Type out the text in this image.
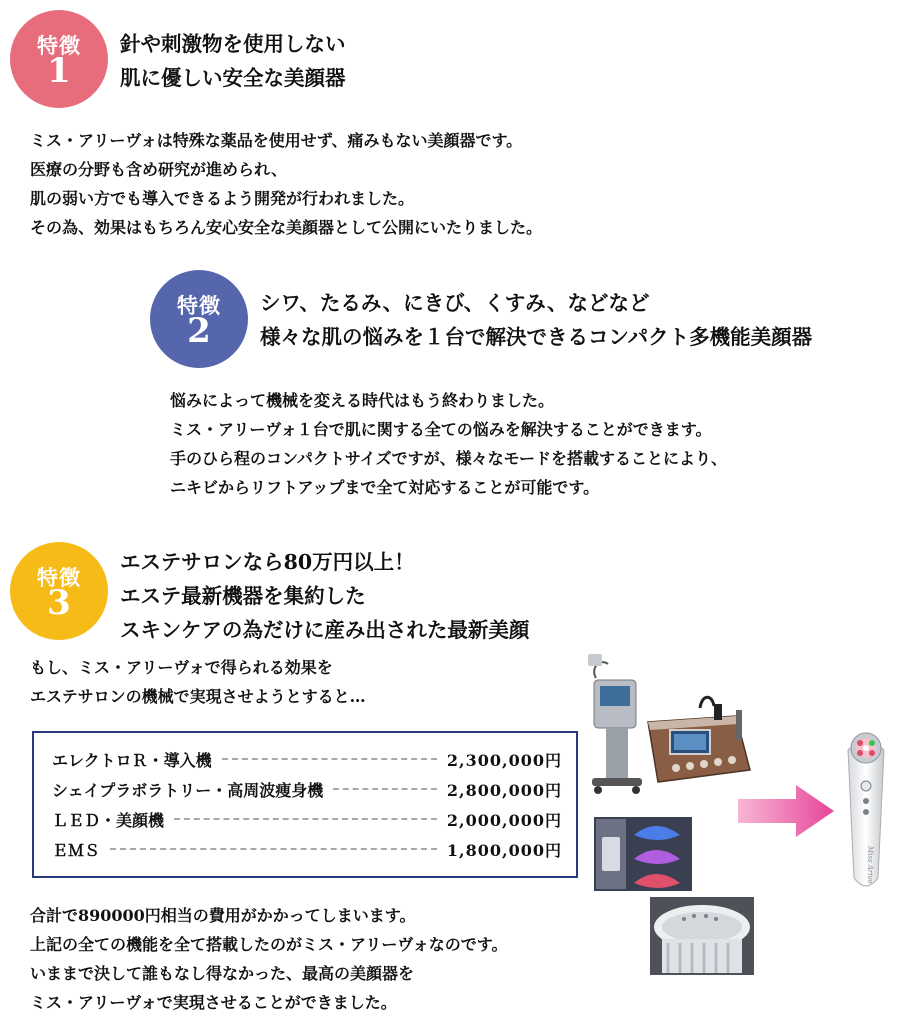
特徴
1
針や刺激物を使用しない
肌に優しい安全な美顔器
ミス・アリーヴォは特殊な薬品を使用せず、痛みもない美顔器です。
医療の分野も含め研究が進められ、
肌の弱い方でも導入できるよう開発が行われました。
その為、効果はもちろん安心安全な美顔器として公開にいたりました。
特徴
2
シワ、たるみ、にきび、くすみ、などなど
様々な肌の悩みを１台で解決できるコンパクト多機能美顔器
悩みによって機械を変える時代はもう終わりました。
ミス・アリーヴォ１台で肌に関する全ての悩みを解決することができます。
手のひら程のコンパクトサイズですが、様々なモードを搭載することにより、
ニキビからリフトアップまで全て対応することが可能です。
特徴
3
エステサロンなら80万円以上！
エステ最新機器を集約した
スキンケアの為だけに産み出された最新美顔
もし、ミス・アリーヴォで得られる効果を
エステサロンの機械で実現させようとすると…
エレクトロＲ・導入機	2,300,000円
シェイプラボラトリー・高周波痩身機	2,800,000円
ＬＥＤ・美顔機	2,000,000円
ＥＭＳ	1,800,000円
合計で890000円相当の費用がかかってしまいます。
上記の全ての機能を全て搭載したのがミス・アリーヴォなのです。
いままで決して誰もなし得なかった、最高の美顔器を
ミス・アリーヴォで実現させることができました。
Miss Arivo
